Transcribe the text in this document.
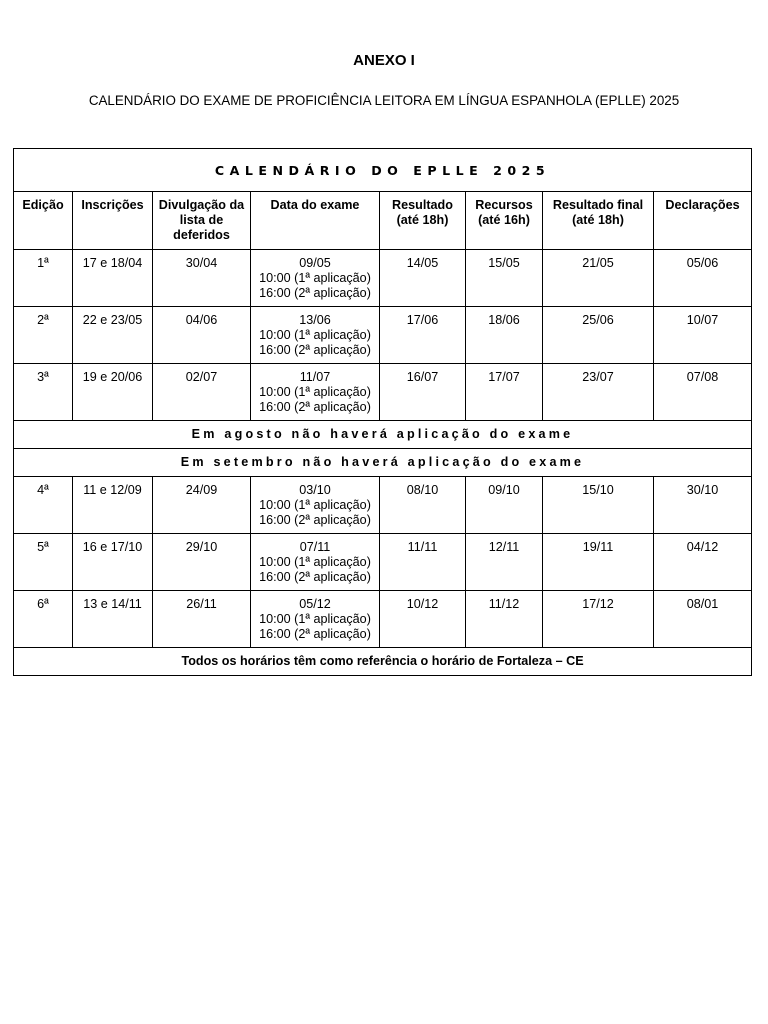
ANEXO I
CALENDÁRIO DO EXAME DE PROFICIÊNCIA LEITORA EM LÍNGUA ESPANHOLA (EPLLE) 2025
CALENDÁRIO DO EPLLE 2025							
Edição	Inscrições	Divulgação da lista de deferidos	Data do exame	Resultado (até 18h)	Recursos (até 16h)	Resultado final (até 18h)	Declarações
1ª	17 e 18/04	30/04	09/05
10:00 (1ª aplicação)
16:00 (2ª aplicação)	14/05	15/05	21/05	05/06
2ª	22 e 23/05	04/06	13/06
10:00 (1ª aplicação)
16:00 (2ª aplicação)	17/06	18/06	25/06	10/07
3ª	19 e 20/06	02/07	11/07
10:00 (1ª aplicação)
16:00 (2ª aplicação)	16/07	17/07	23/07	07/08
Em agosto não haverá aplicação do exame							
Em setembro não haverá aplicação do exame							
4ª	11 e 12/09	24/09	03/10
10:00 (1ª aplicação)
16:00 (2ª aplicação)	08/10	09/10	15/10	30/10
5ª	16 e 17/10	29/10	07/11
10:00 (1ª aplicação)
16:00 (2ª aplicação)	11/11	12/11	19/11	04/12
6ª	13 e 14/11	26/11	05/12
10:00 (1ª aplicação)
16:00 (2ª aplicação)	10/12	11/12	17/12	08/01
Todos os horários têm como referência o horário de Fortaleza – CE							
